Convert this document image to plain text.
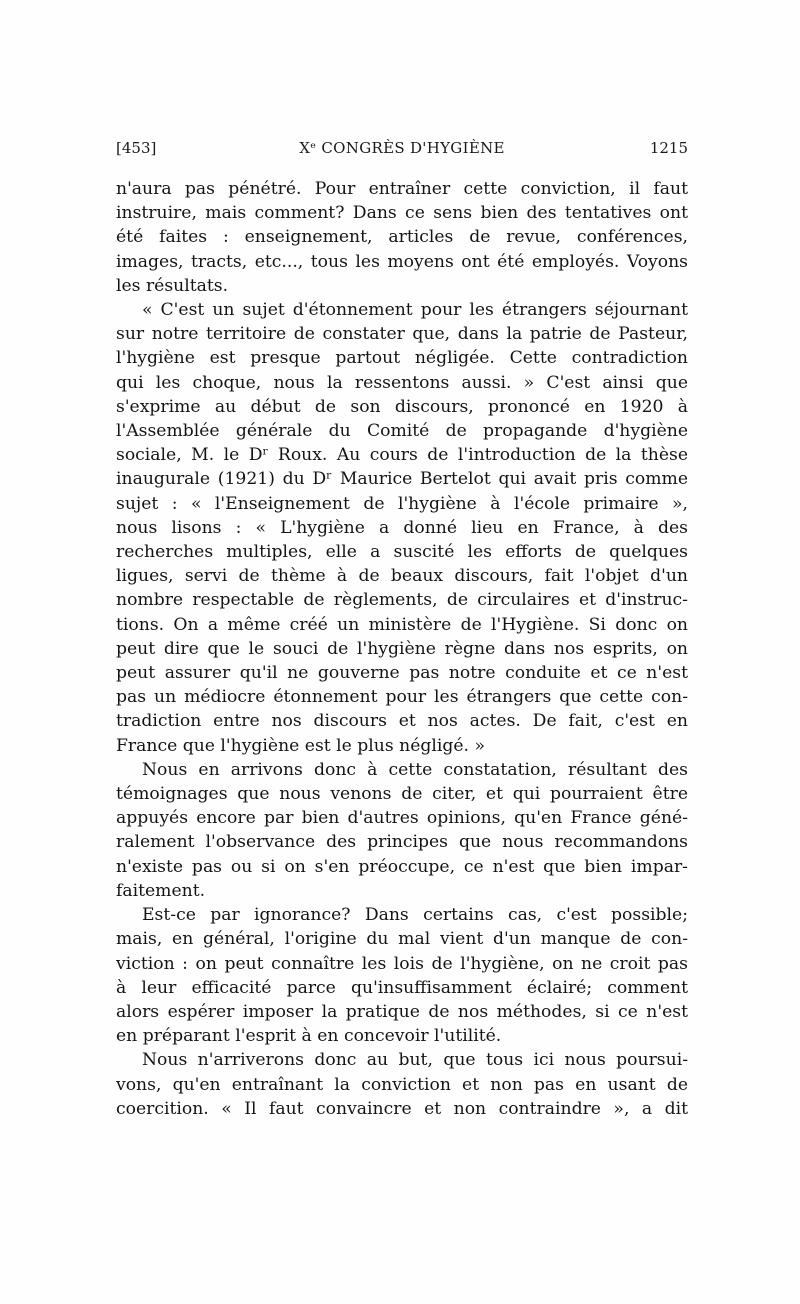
[453]	Xᵉ CONGRÈS D'HYGIÈNE	1215
n'aura pas pénétré. Pour entraîner cette conviction, il faut
instruire, mais comment? Dans ce sens bien des tentatives ont
été faites : enseignement, articles de revue, conférences,
images, tracts, etc..., tous les moyens ont été employés. Voyons
les résultats.
« C'est un sujet d'étonnement pour les étrangers séjournant
sur notre territoire de constater que, dans la patrie de Pasteur,
l'hygiène est presque partout négligée. Cette contradiction
qui les choque, nous la ressentons aussi. » C'est ainsi que
s'exprime au début de son discours, prononcé en 1920 à
l'Assemblée générale du Comité de propagande d'hygiène
sociale, M. le Dʳ Roux. Au cours de l'introduction de la thèse
inaugurale (1921) du Dʳ Maurice Bertelot qui avait pris comme
sujet : « l'Enseignement de l'hygiène à l'école primaire »,
nous lisons : « L'hygiène a donné lieu en France, à des
recherches multiples, elle a suscité les efforts de quelques
ligues, servi de thème à de beaux discours, fait l'objet d'un
nombre respectable de règlements, de circulaires et d'instruc-
tions. On a même créé un ministère de l'Hygiène. Si donc on
peut dire que le souci de l'hygiène règne dans nos esprits, on
peut assurer qu'il ne gouverne pas notre conduite et ce n'est
pas un médiocre étonnement pour les étrangers que cette con-
tradiction entre nos discours et nos actes. De fait, c'est en
France que l'hygiène est le plus négligé. »
Nous en arrivons donc à cette constatation, résultant des
témoignages que nous venons de citer, et qui pourraient être
appuyés encore par bien d'autres opinions, qu'en France géné-
ralement l'observance des principes que nous recommandons
n'existe pas ou si on s'en préoccupe, ce n'est que bien impar-
faitement.
Est-ce par ignorance? Dans certains cas, c'est possible;
mais, en général, l'origine du mal vient d'un manque de con-
viction : on peut connaître les lois de l'hygiène, on ne croit pas
à leur efficacité parce qu'insuffisamment éclairé; comment
alors espérer imposer la pratique de nos méthodes, si ce n'est
en préparant l'esprit à en concevoir l'utilité.
Nous n'arriverons donc au but, que tous ici nous poursui-
vons, qu'en entraînant la conviction et non pas en usant de
coercition. « Il faut convaincre et non contraindre », a dit
